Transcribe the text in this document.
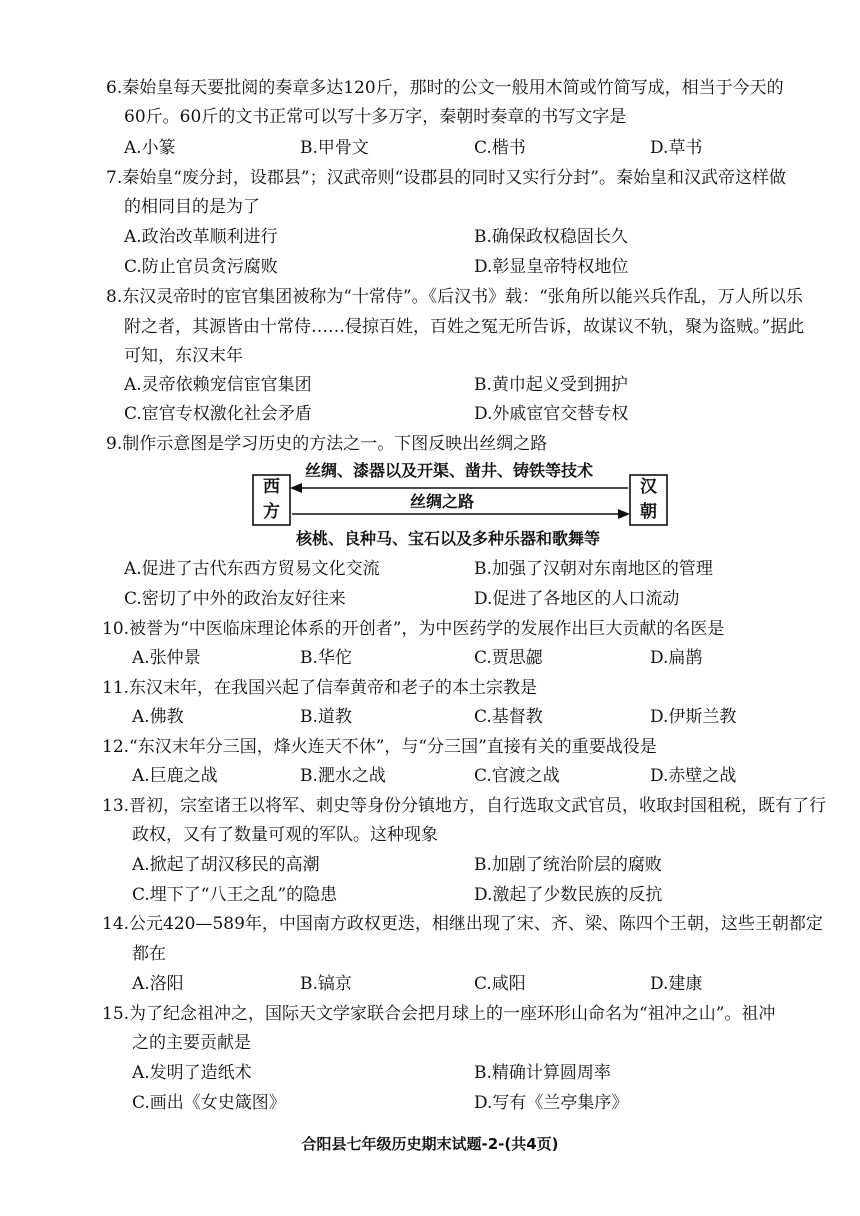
6.秦始皇每天要批阅的奏章多达120斤，那时的公文一般用木简或竹简写成，相当于今天的
60斤。60斤的文书正常可以写十多万字，秦朝时奏章的书写文字是
A.小篆	B.甲骨文	C.楷书	D.草书
7.秦始皇“废分封，设郡县”；汉武帝则“设郡县的同时又实行分封”。秦始皇和汉武帝这样做
的相同目的是为了
A.政治改革顺利进行	B.确保政权稳固长久
C.防止官员贪污腐败	D.彰显皇帝特权地位
8.东汉灵帝时的宦官集团被称为“十常侍”。《后汉书》载：“张角所以能兴兵作乱，万人所以乐
附之者，其源皆由十常侍……侵掠百姓，百姓之冤无所告诉，故谋议不轨，聚为盗贼。”据此
可知，东汉末年
A.灵帝依赖宠信宦官集团	B.黄巾起义受到拥护
C.宦官专权激化社会矛盾	D.外戚宦官交替专权
9.制作示意图是学习历史的方法之一。下图反映出丝绸之路
西
方
汉
朝
丝绸、漆器以及开渠、凿井、铸铁等技术
丝绸之路
核桃、良种马、宝石以及多种乐器和歌舞等
A.促进了古代东西方贸易文化交流	B.加强了汉朝对东南地区的管理
C.密切了中外的政治友好往来	D.促进了各地区的人口流动
10.被誉为“中医临床理论体系的开创者”，为中医药学的发展作出巨大贡献的名医是
A.张仲景	B.华佗	C.贾思勰	D.扁鹊
11.东汉末年，在我国兴起了信奉黄帝和老子的本土宗教是
A.佛教	B.道教	C.基督教	D.伊斯兰教
12.“东汉末年分三国，烽火连天不休”，与“分三国”直接有关的重要战役是
A.巨鹿之战	B.淝水之战	C.官渡之战	D.赤壁之战
13.晋初，宗室诸王以将军、刺史等身份分镇地方，自行选取文武官员，收取封国租税，既有了行
政权，又有了数量可观的军队。这种现象
A.掀起了胡汉移民的高潮	B.加剧了统治阶层的腐败
C.埋下了“八王之乱”的隐患	D.激起了少数民族的反抗
14.公元420—589年，中国南方政权更迭，相继出现了宋、齐、梁、陈四个王朝，这些王朝都定
都在
A.洛阳	B.镐京	C.咸阳	D.建康
15.为了纪念祖冲之，国际天文学家联合会把月球上的一座环形山命名为“祖冲之山”。祖冲
之的主要贡献是
A.发明了造纸术	B.精确计算圆周率
C.画出《女史箴图》	D.写有《兰亭集序》
合阳县七年级历史期末试题-2-(共4页)
